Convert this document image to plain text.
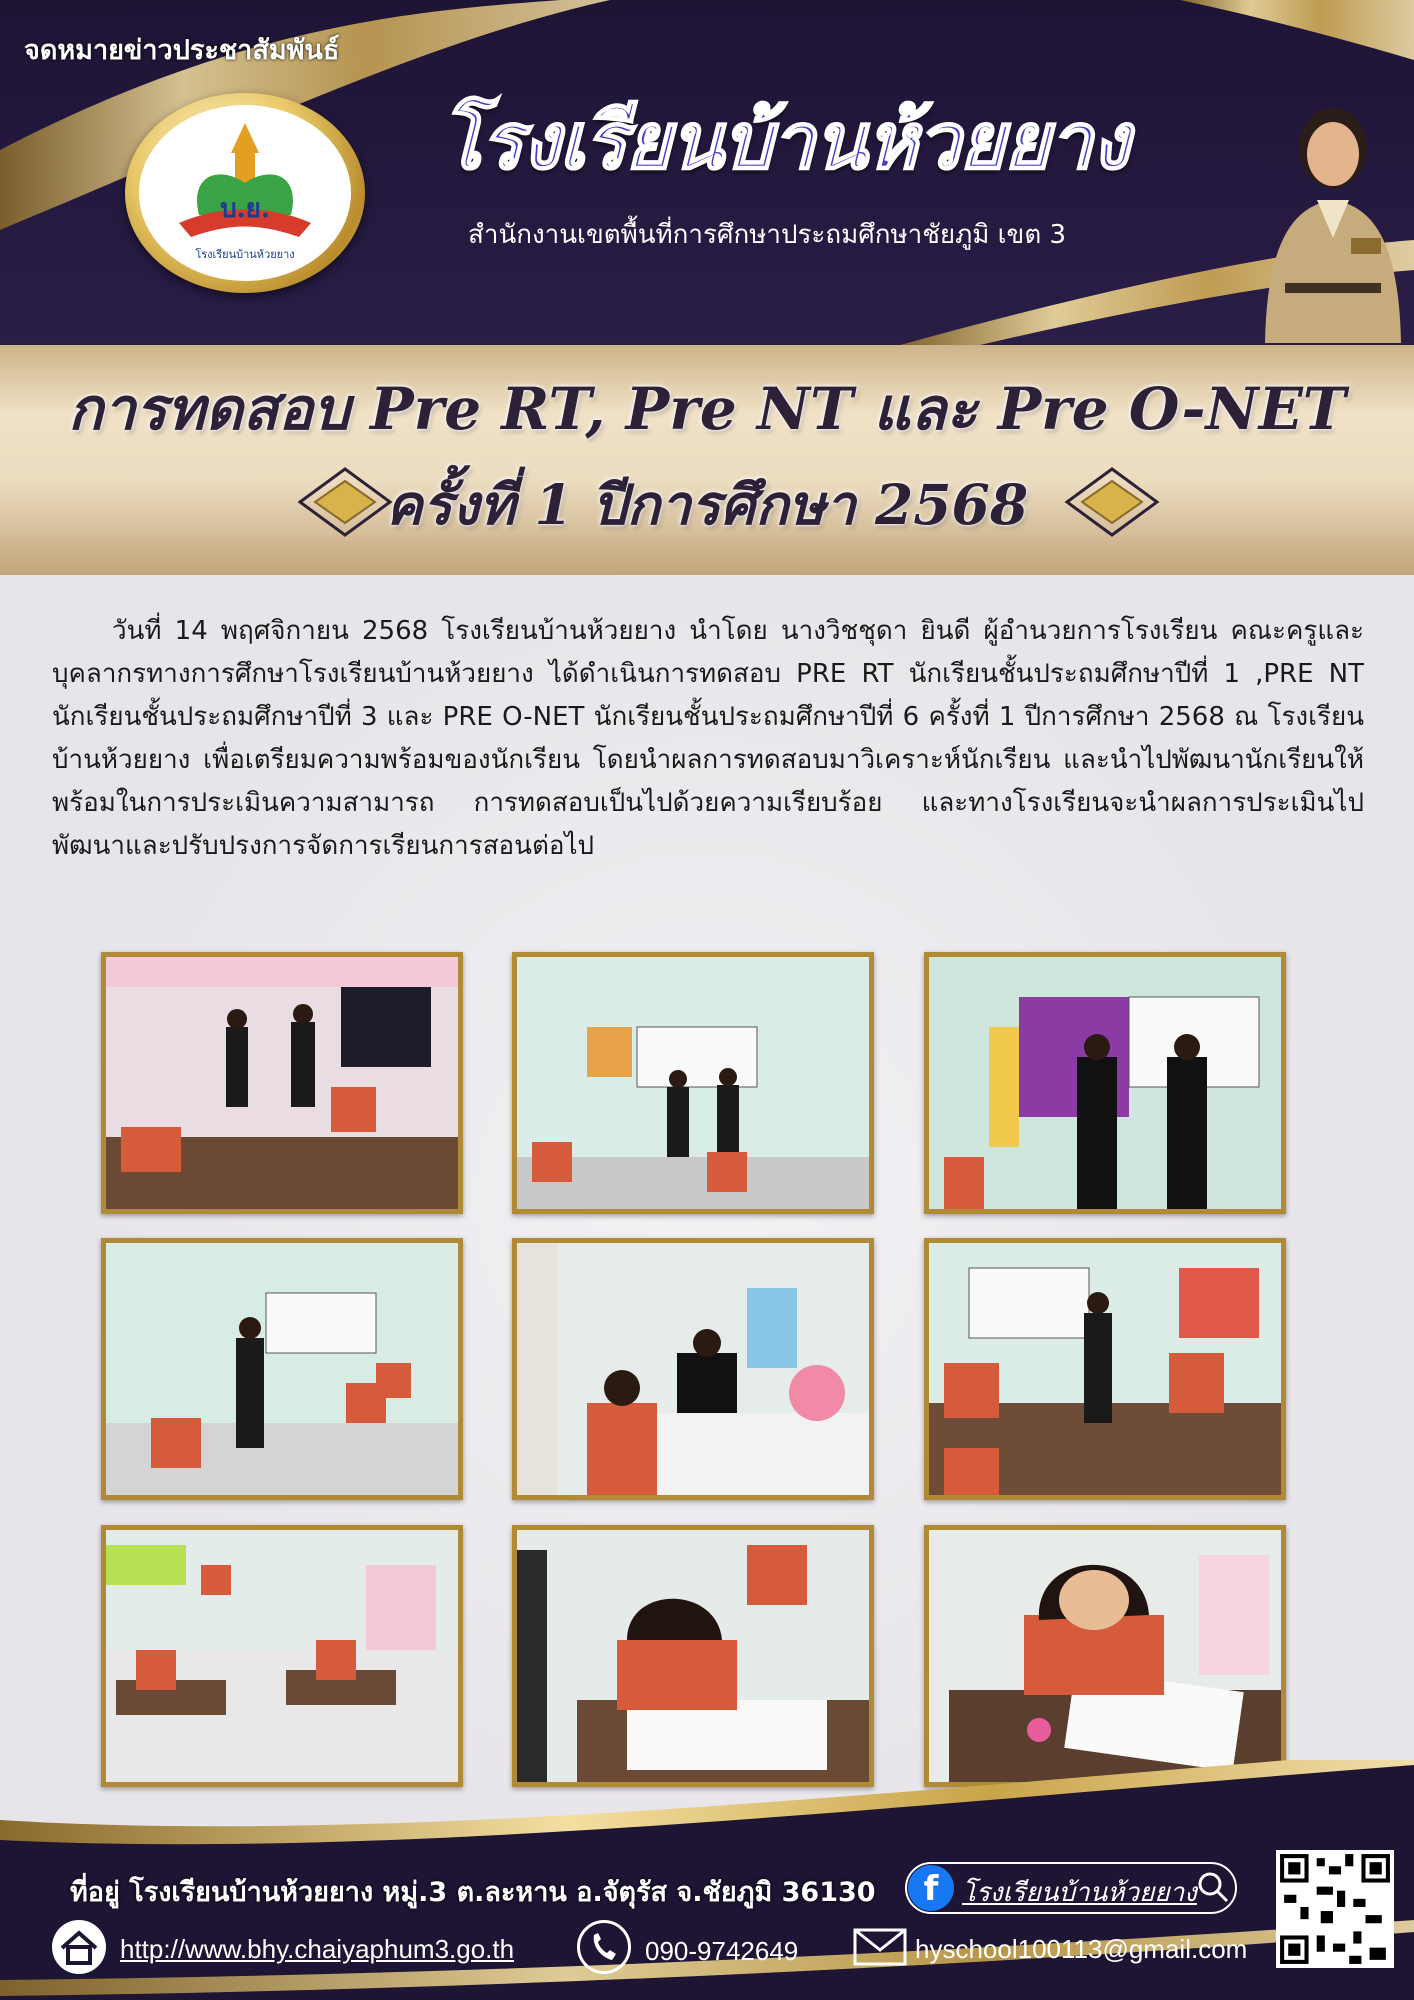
จดหมายข่าวประชาสัมพันธ์
บ.ย.
โรงเรียนบ้านห้วยยาง
โรงเรียนบ้านห้วยยาง
สำนักงานเขตพื้นที่การศึกษาประถมศึกษาชัยภูมิ เขต 3
การทดสอบ Pre RT, Pre NT และ Pre O-NET
ครั้งที่ 1 ปีการศึกษา 2568
วันที่ 14 พฤศจิกายน 2568 โรงเรียนบ้านห้วยยาง นำโดย นางวิชชุดา ยินดี ผู้อำนวยการโรงเรียน คณะครูและบุคลากรทางการศึกษาโรงเรียนบ้านห้วยยาง ได้ดำเนินการทดสอบ PRE RT นักเรียนชั้นประถมศึกษาปีที่ 1 ,PRE NT นักเรียนชั้นประถมศึกษาปีที่ 3 และ PRE O-NET นักเรียนชั้นประถมศึกษาปีที่ 6 ครั้งที่ 1 ปีการศึกษา 2568 ณ โรงเรียนบ้านห้วยยาง เพื่อเตรียมความพร้อมของนักเรียน โดยนำผลการทดสอบมาวิเคราะห์นักเรียน และนำไปพัฒนานักเรียนให้พร้อมในการประเมินความสามารถ การทดสอบเป็นไปด้วยความเรียบร้อย และทางโรงเรียนจะนำผลการประเมินไปพัฒนาและปรับปรงการจัดการเรียนการสอนต่อไป
ที่อยู่ โรงเรียนบ้านห้วยยาง หมู่.3 ต.ละหาน อ.จัตุรัส จ.ชัยภูมิ 36130	f โรงเรียนบ้านห้วยยาง
http://www.bhy.chaiyaphum3.go.th	090-9742649	hyschool100113@gmail.com
